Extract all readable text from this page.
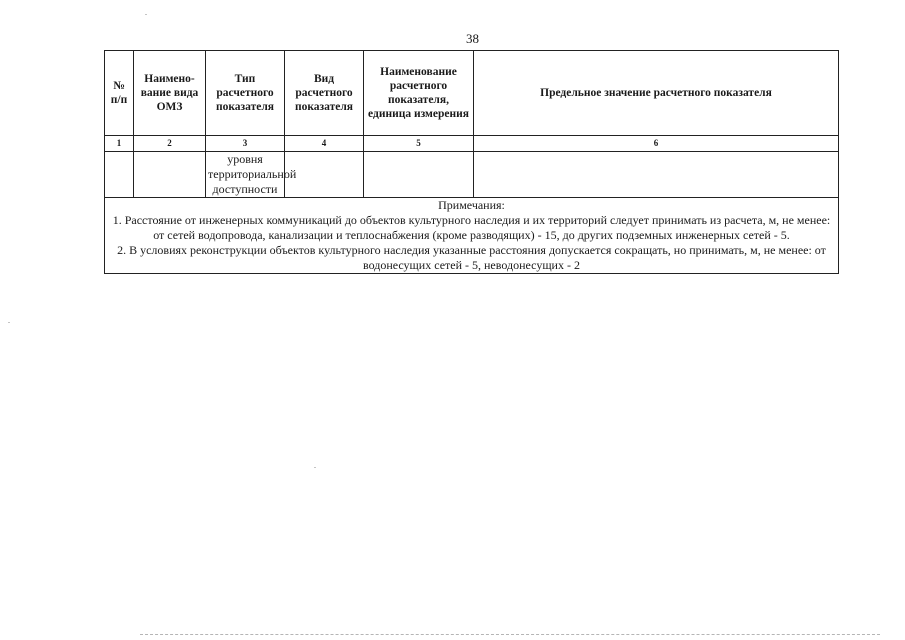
38
№ п/п	Наимено-вание вида ОМЗ	Тип расчетного показателя	Вид расчетного показателя	Наименование расчетного показателя, единица измерения	Предельное значение расчетного показателя
1	2	3	4	5	6
		уровня территориальной доступности			

Примечания:
1. Расстояние от инженерных коммуникаций до объектов культурного наследия и их территорий следует принимать из расчета, м, не менее: от сетей водопровода, канализации и теплоснабжения (кроме разводящих) - 15, до других подземных инженерных сетей - 5.
2. В условиях реконструкции объектов культурного наследия указанные расстояния допускается сокращать, но принимать, м, не менее: от водонесущих сетей - 5, неводонесущих - 2					
